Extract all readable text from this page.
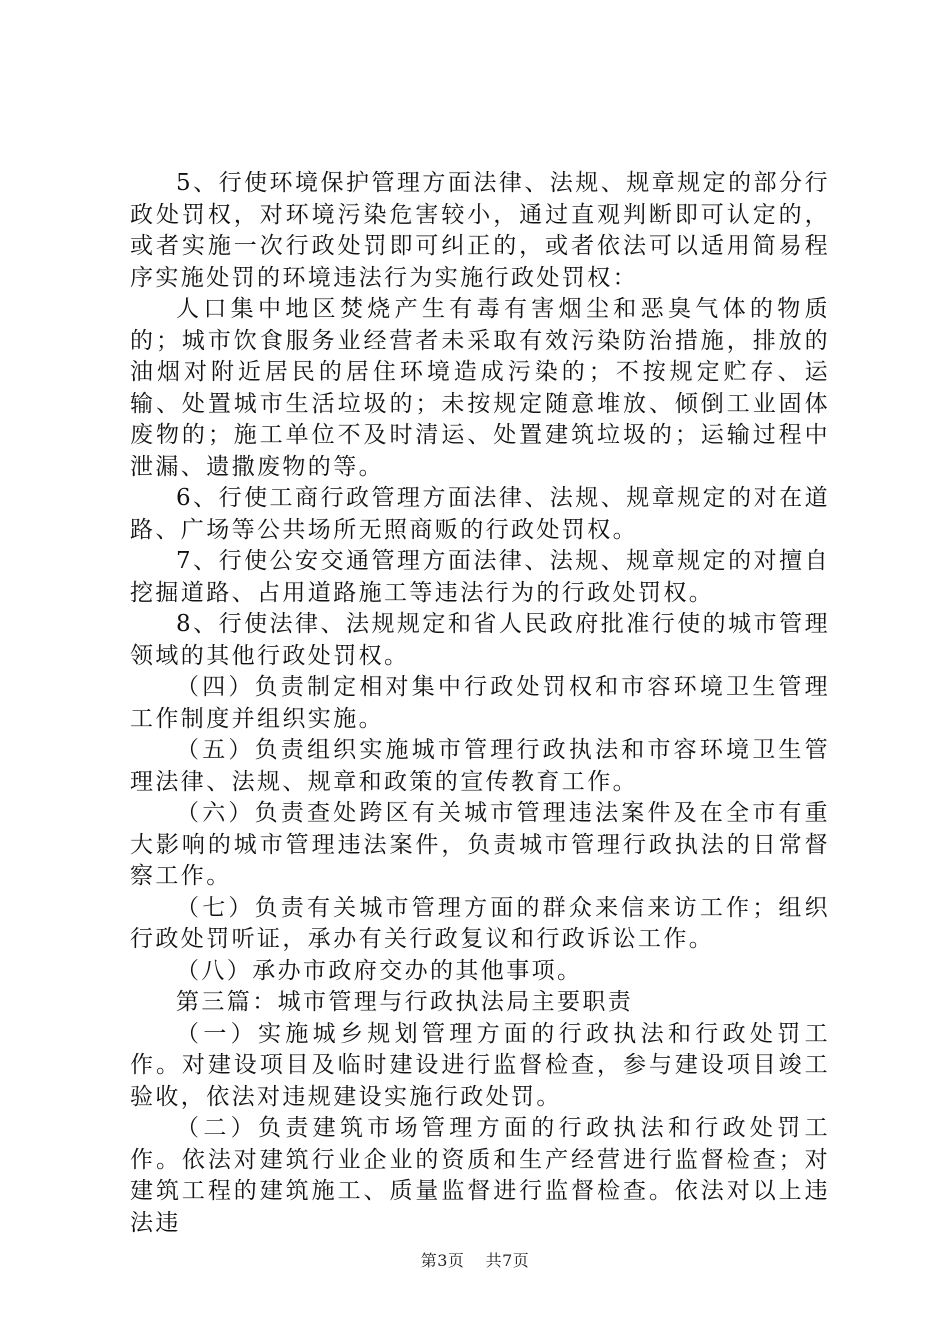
5、行使环境保护管理方面法律、法规、规章规定的部分行政处罚权，对环境污染危害较小，通过直观判断即可认定的，或者实施一次行政处罚即可纠正的，或者依法可以适用简易程序实施处罚的环境违法行为实施行政处罚权：

人口集中地区焚烧产生有毒有害烟尘和恶臭气体的物质的；城市饮食服务业经营者未采取有效污染防治措施，排放的油烟对附近居民的居住环境造成污染的；不按规定贮存、运输、处置城市生活垃圾的；未按规定随意堆放、倾倒工业固体废物的；施工单位不及时清运、处置建筑垃圾的；运输过程中泄漏、遗撒废物的等。

6、行使工商行政管理方面法律、法规、规章规定的对在道路、广场等公共场所无照商贩的行政处罚权。

7、行使公安交通管理方面法律、法规、规章规定的对擅自挖掘道路、占用道路施工等违法行为的行政处罚权。

8、行使法律、法规规定和省人民政府批准行使的城市管理领域的其他行政处罚权。

（四）负责制定相对集中行政处罚权和市容环境卫生管理工作制度并组织实施。

（五）负责组织实施城市管理行政执法和市容环境卫生管理法律、法规、规章和政策的宣传教育工作。

（六）负责查处跨区有关城市管理违法案件及在全市有重大影响的城市管理违法案件，负责城市管理行政执法的日常督察工作。

（七）负责有关城市管理方面的群众来信来访工作；组织行政处罚听证，承办有关行政复议和行政诉讼工作。

（八）承办市政府交办的其他事项。

第三篇：城市管理与行政执法局主要职责

（一）实施城乡规划管理方面的行政执法和行政处罚工作。对建设项目及临时建设进行监督检查，参与建设项目竣工验收，依法对违规建设实施行政处罚。

（二）负责建筑市场管理方面的行政执法和行政处罚工作。依法对建筑行业企业的资质和生产经营进行监督检查；对建筑工程的建筑施工、质量监督进行监督检查。依法对以上违法违

第3页 共7页
